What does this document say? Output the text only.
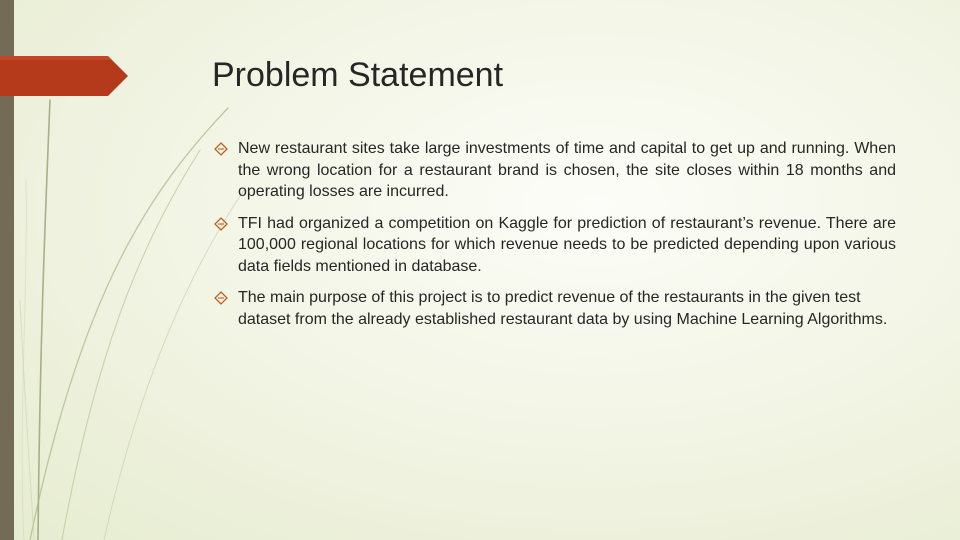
Problem Statement
New restaurant sites take large investments of time and capital to get up and running. When the wrong location for a restaurant brand is chosen, the site closes within 18 months and operating losses are incurred.
TFI had organized a competition on Kaggle for prediction of restaurant’s revenue. There are 100,000 regional locations for which revenue needs to be predicted depending upon various data fields mentioned in database.
The main purpose of this project is to predict revenue of the restaurants in the given test dataset from the already established restaurant data by using Machine Learning Algorithms.
